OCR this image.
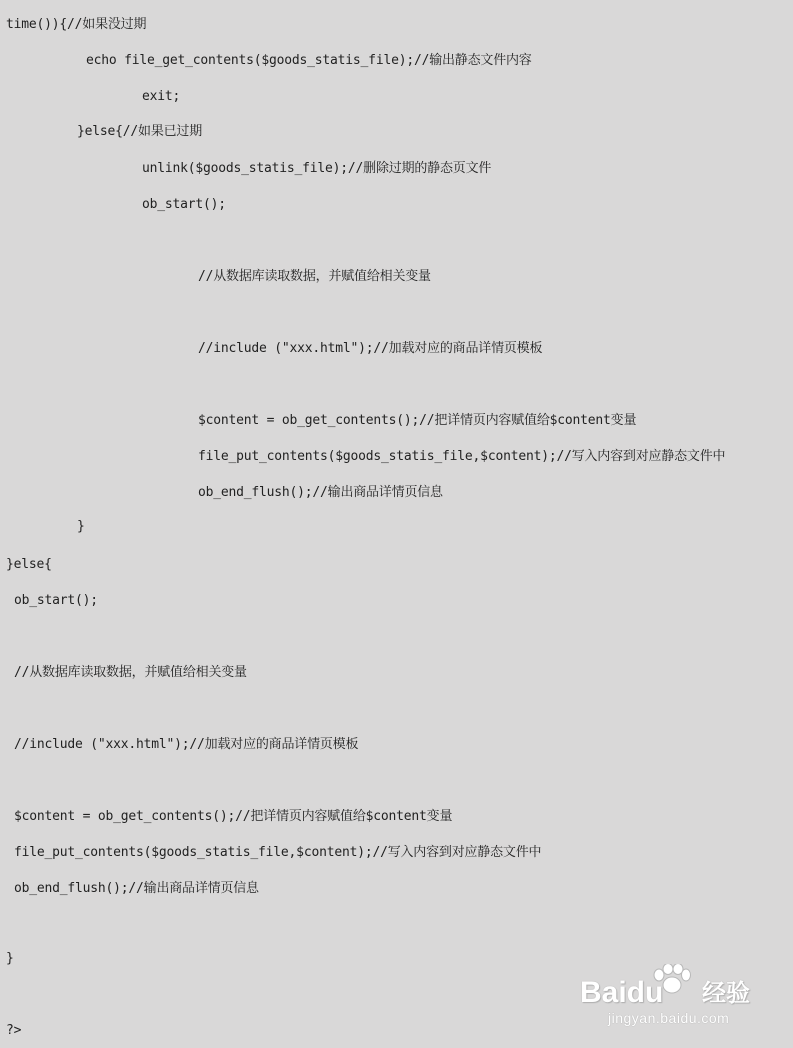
time()){//如果没过期
echo file_get_contents($goods_statis_file);//输出静态文件内容
exit;
}else{//如果已过期
unlink($goods_statis_file);//删除过期的静态页文件
ob_start();
//从数据库读取数据，并赋值给相关变量
//include ("xxx.html");//加载对应的商品详情页模板
$content = ob_get_contents();//把详情页内容赋值给$content变量
file_put_contents($goods_statis_file,$content);//写入内容到对应静态文件中
ob_end_flush();//输出商品详情页信息
}
}else{
ob_start();
//从数据库读取数据，并赋值给相关变量
//include ("xxx.html");//加载对应的商品详情页模板
$content = ob_get_contents();//把详情页内容赋值给$content变量
file_put_contents($goods_statis_file,$content);//写入内容到对应静态文件中
ob_end_flush();//输出商品详情页信息
}
?>
Baidu 经验
jingyan.baidu.com
